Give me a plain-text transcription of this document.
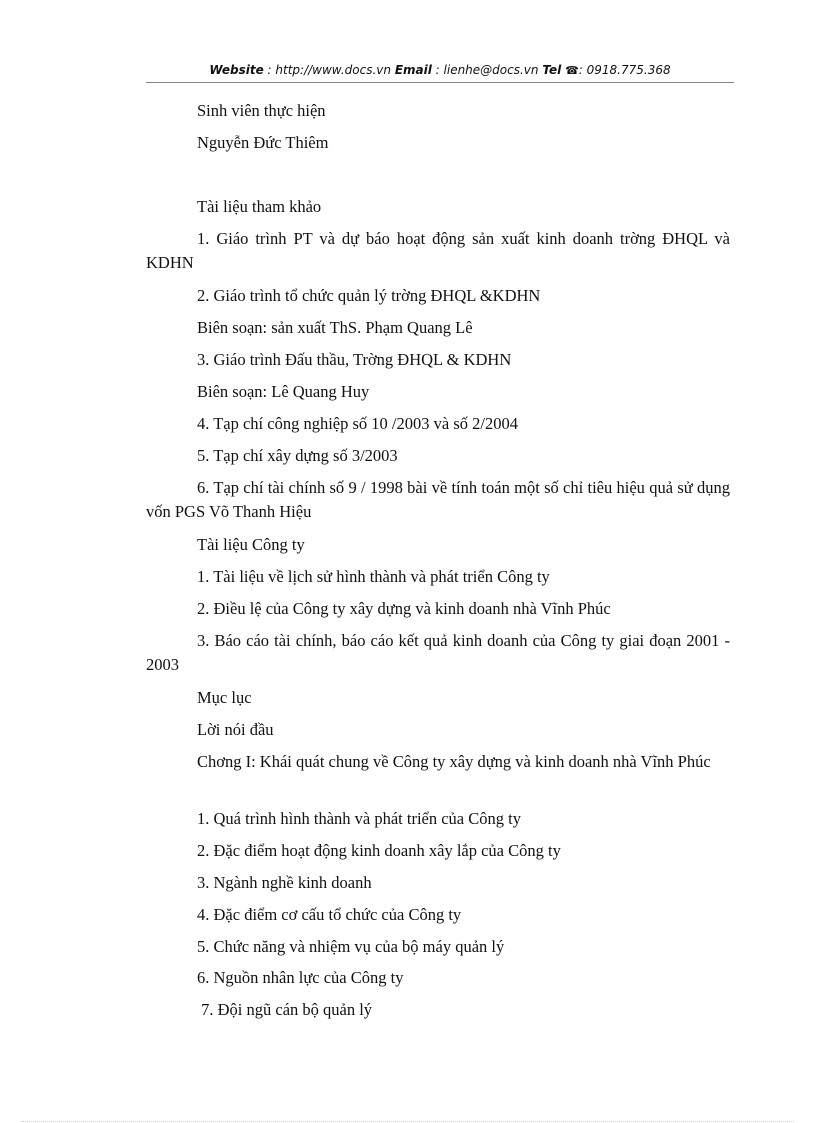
Website : http://www.docs.vn Email : lienhe@docs.vn Tel ☎: 0918.775.368

Sinh viên thực hiện

Nguyễn Đức Thiêm

Tài liệu tham khảo

1. Giáo trình PT và dự báo hoạt động sản xuất kinh doanh trờng ĐHQL và KDHN

2. Giáo trình tổ chức quản lý trờng ĐHQL &KDHN

Biên soạn: sản xuất ThS. Phạm Quang Lê

3. Giáo trình Đấu thầu, Trờng ĐHQL & KDHN

Biên soạn: Lê Quang Huy

4. Tạp chí công nghiệp số 10 /2003 và số 2/2004

5. Tạp chí xây dựng số 3/2003

6. Tạp chí tài chính số 9 / 1998 bài về tính toán một số chỉ tiêu hiệu quả sử dụng vốn PGS Võ Thanh Hiệu

Tài liệu Công ty

1. Tài liệu về lịch sử hình thành và phát triển Công ty

2. Điều lệ của Công ty xây dựng và kinh doanh nhà Vĩnh Phúc

3. Báo cáo tài chính, báo cáo kết quả kinh doanh của Công ty giai đoạn 2001 - 2003

Mục lục

Lời nói đầu

Chơng I: Khái quát chung về Công ty xây dựng và kinh doanh nhà Vĩnh Phúc

1. Quá trình hình thành và phát triển của Công ty

2. Đặc điểm hoạt động kinh doanh xây lắp của Công ty

3. Ngành nghề kinh doanh

4. Đặc điểm cơ cấu tổ chức của Công ty

5. Chức năng và nhiệm vụ của bộ máy quản lý

6. Nguồn nhân lực của Công ty

7. Đội ngũ cán bộ quản lý
